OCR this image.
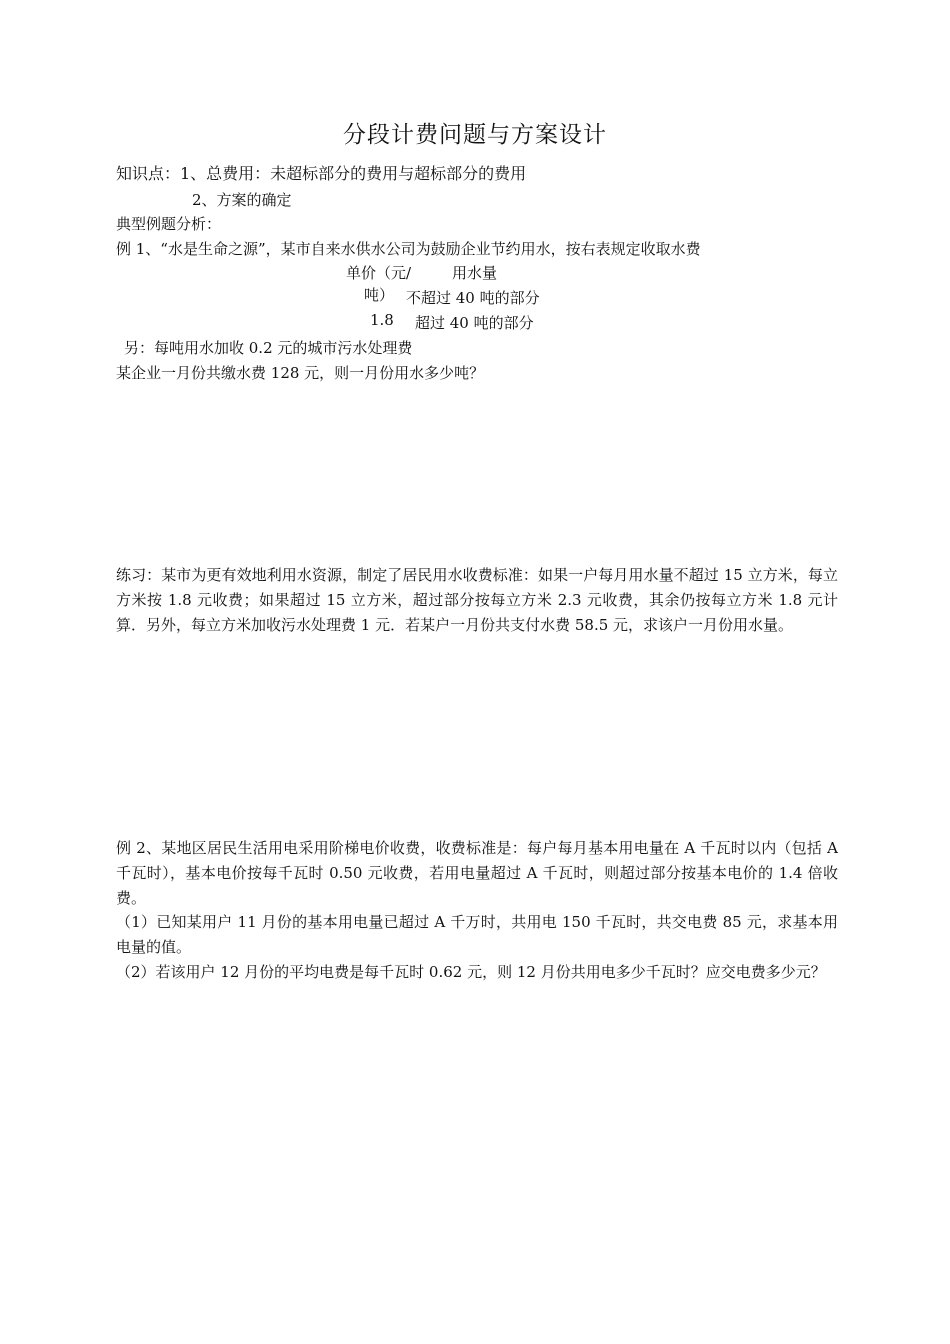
分段计费问题与方案设计
知识点：1、总费用：未超标部分的费用与超标部分的费用
2、方案的确定
典型例题分析：
例 1、“水是生命之源”，某市自来水供水公司为鼓励企业节约用水，按右表规定收取水费
单价（元/	用水量
吨） 不超过 40 吨的部分
1.8 超过 40 吨的部分
另：每吨用水加收 0.2 元的城市污水处理费
某企业一月份共缴水费 128 元，则一月份用水多少吨？
练习：某市为更有效地利用水资源，制定了居民用水收费标准：如果一户每月用水量不超过 15 立方米，每立方米按 1.8 元收费；如果超过 15 立方米，超过部分按每立方米 2.3 元收费，其余仍按每立方米 1.8 元计算．另外，每立方米加收污水处理费 1 元．若某户一月份共支付水费 58.5 元，求该户一月份用水量。
例 2、某地区居民生活用电采用阶梯电价收费，收费标准是：每户每月基本用电量在 A 千瓦时以内（包括 A 千瓦时），基本电价按每千瓦时 0.50 元收费，若用电量超过 A 千瓦时，则超过部分按基本电价的 1.4 倍收费。
（1）已知某用户 11 月份的基本用电量已超过 A 千万时，共用电 150 千瓦时，共交电费 85 元，求基本用电量的值。
（2）若该用户 12 月份的平均电费是每千瓦时 0.62 元，则 12 月份共用电多少千瓦时？应交电费多少元？
